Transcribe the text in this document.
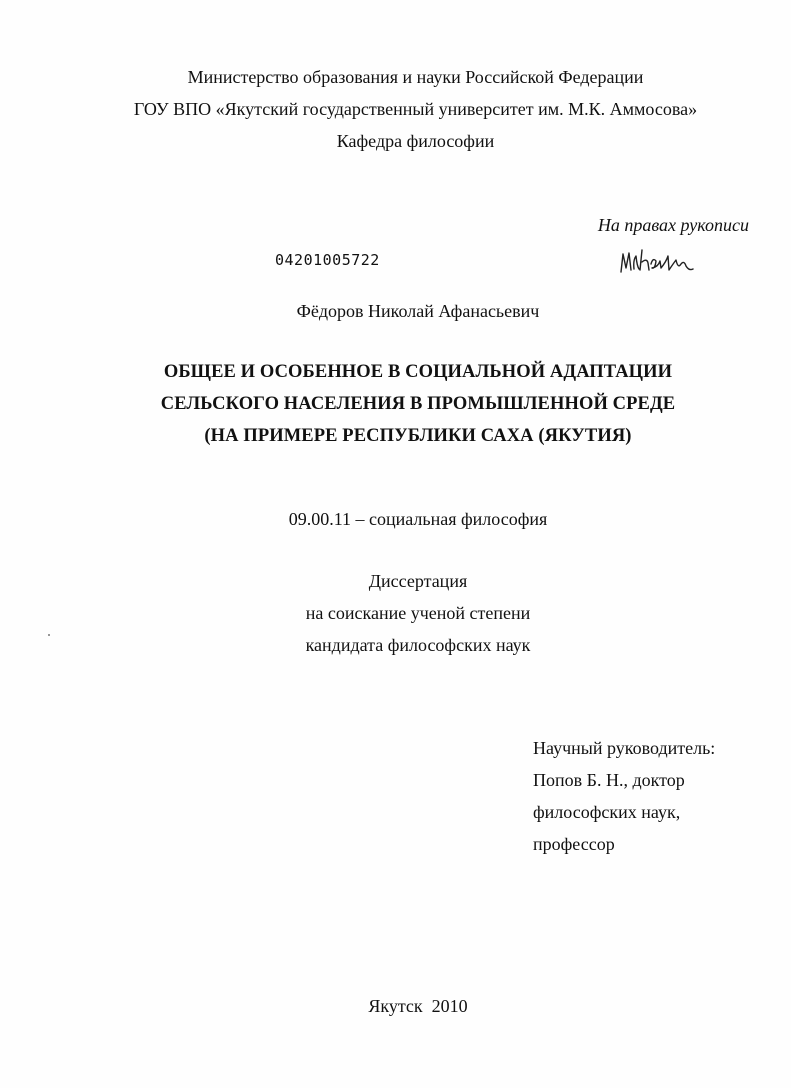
Министерство образования и науки Российской Федерации
ГОУ ВПО «Якутский государственный университет им. М.К. Аммосова»
Кафедра философии
На правах рукописи
04201005722
Фёдоров Николай Афанасьевич
ОБЩЕЕ И ОСОБЕННОЕ В СОЦИАЛЬНОЙ АДАПТАЦИИ
СЕЛЬСКОГО НАСЕЛЕНИЯ В ПРОМЫШЛЕННОЙ СРЕДЕ
(НА ПРИМЕРЕ РЕСПУБЛИКИ САХА (ЯКУТИЯ)
09.00.11 – социальная философия
Диссертация
на соискание ученой степени
кандидата философских наук
Научный руководитель:
Попов Б. Н., доктор
философских наук,
профессор
Якутск  2010
